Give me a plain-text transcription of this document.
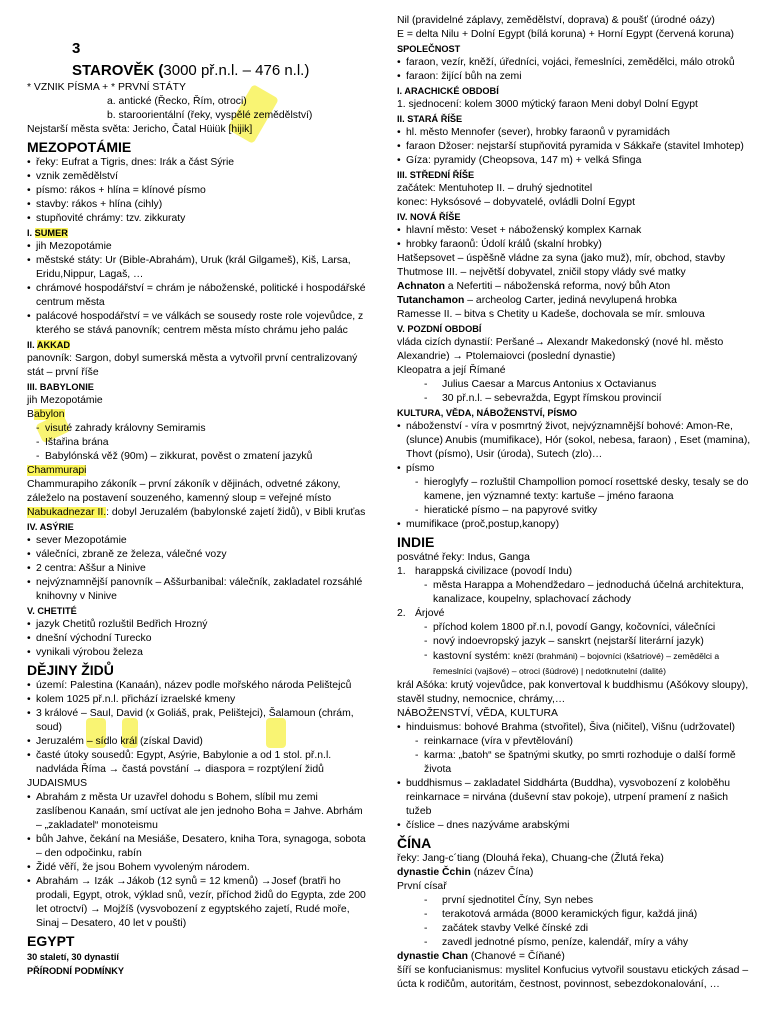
3
STAROVĚK (3000 př.n.l. – 476 n.l.)
* VZNIK PÍSMA + * PRVNÍ STÁTY
a. antické (Řecko, Řím, otroci)
b. staroorientální (řeky, vyspělé zemědělství)
Nejstarší města světa: Jericho, Čatal Hüiük [hijik]
MEZOPOTÁMIE
• řeky: Eufrat a Tigris, dnes: Irák a část Sýrie
• vznik zemědělství
• písmo: rákos + hlína = klínové písmo
• stavby: rákos + hlína (cihly)
• stupňovité chrámy: tzv. zikkuraty
I. SUMER
• jih Mezopotámie
• městské státy: Ur (Bible-Abrahám), Uruk (král Gilgameš), Kiš, Larsa, Eridu,Nippur, Lagaš, …
• chrámové hospodářství = chrám je náboženské, politické i hospodářské centrum města
• palácové hospodářství = ve válkách se sousedy roste role vojevůdce, z kterého se stává panovník; centrem města místo chrámu jeho palác
II. AKKAD
panovník: Sargon, dobyl sumerská města a vytvořil první centralizovaný stát – první říše
III. BABYLONIE
jih Mezopotámie
Babylon
- visuté zahrady královny Semiramis
- Ištařina brána
- Babylónská věž (90m) – zikkurat, pověst o zmatení jazyků
Chammurapi
Chammurapiho zákoník – první zákoník v dějinách, odvetné zákony, záleželo na postavení souzeného, kamenný sloup = veřejné místo
Nabukadnezar II.: dobyl Jeruzalém (babylonské zajetí židů), v Bibli kruťas
IV. ASÝRIE
• sever Mezopotámie
• válečníci, zbraně ze železa, válečné vozy
• 2 centra: Aššur a Ninive
• nejvýznamnější panovník – Aššurbanibal: válečník, zakladatel rozsáhlé knihovny v Ninive
V. CHETITÉ
• jazyk Chetitů rozluštil Bedřich Hrozný
• dnešní východní Turecko
• vynikali výrobou železa
DĚJINY ŽIDŮ
• území: Palestina (Kanaán), název podle mořského národa Pelištejců
• kolem 1025 př.n.l. přichází izraelské kmeny
• 3 králové – Saul, David (x Goliáš, prak, Pelištejci), Šalamoun (chrám, soud)
• Jeruzalém – sídlo král (získal David)
• časté útoky sousedů: Egypt, Asýrie, Babylonie a od 1 stol. př.n.l. nadvláda Říma → častá povstání → diaspora = rozptýlení židů
JUDAISMUS
• Abrahám z města Ur uzavřel dohodu s Bohem, slíbil mu zemi zaslíbenou Kanaán, smí uctívat ale jen jednoho Boha = Jahve. Abrhám – „zakladatel“ monoteismu
• bůh Jahve, čekání na Mesiáše, Desatero, kniha Tora, synagoga, sobota – den odpočinku, rabín
• Židé věří, že jsou Bohem vyvoleným národem.
• Abrahám → Izák →Jákob (12 synů = 12 kmenů) →Josef (bratři ho prodali, Egypt, otrok, výklad snů, vezír, příchod židů do Egypta, zde 200 let otroctví) → Mojžíš (vysvobození z egyptského zajetí, Rudé moře, Sinaj – Desatero, 40 let v poušti)
EGYPT
30 staletí, 30 dynastií
PŘÍRODNÍ PODMÍNKY
Nil (pravidelné záplavy, zemědělství, doprava) & poušť (úrodné oázy)
E = delta Nilu + Dolní Egypt (bílá koruna) + Horní Egypt (červená koruna)
SPOLEČNOST
• faraon, vezír, kněží, úředníci, vojáci, řemeslníci, zemědělci, málo otroků
• faraon: žijící bůh na zemi
I. ARACHICKÉ OBDOBÍ
1. sjednocení: kolem 3000 mýtický faraon Meni dobyl Dolní Egypt
II. STARÁ ŘÍŠE
• hl. město Mennofer (sever), hrobky faraonů v pyramidách
• faraon Džoser: nejstarší stupňovitá pyramida v Sákkaře (stavitel Imhotep)
• Gíza: pyramidy (Cheopsova, 147 m) + velká Sfinga
III. STŘEDNÍ ŘÍŠE
začátek: Mentuhotep II. – druhý sjednotitel
konec: Hyksósové – dobyvatelé, ovládli Dolní Egypt
IV. NOVÁ ŘÍŠE
• hlavní město: Veset + náboženský komplex Karnak
• hrobky faraonů: Údolí králů (skalní hrobky)
Hatšepsovet – úspěšně vládne za syna (jako muž), mír, obchod, stavby
Thutmose III. – největší dobyvatel, zničil stopy vlády své matky
Achnaton a Nefertiti – náboženská reforma, nový bůh Aton
Tutanchamon – archeolog Carter, jediná nevylupená hrobka
Ramesse II. – bitva s Chetity u Kadeše, dochovala se mír. smlouva
V. POZDNÍ OBDOBÍ
vláda cizích dynastií: Peršané→ Alexandr Makedonský (nové hl. město Alexandrie) → Ptolemaiovci (poslední dynastie)
Kleopatra a její Římané
- Julius Caesar a Marcus Antonius x Octavianus
- 30 př.n.l. – sebevražda, Egypt římskou provincií
KULTURA, VĚDA, NÁBOŽENSTVÍ, PÍSMO
• náboženství - víra v posmrtný život, nejvýznamnější bohové: Amon-Re, (slunce) Anubis (mumifikace), Hór (sokol, nebesa, faraon) , Eset (mamina), Thovt (písmo), Usir (úroda), Sutech (zlo)…
• písmo
- hieroglyfy – rozluštil Champollion pomocí rosettské desky, tesaly se do kamene, jen významné texty: kartuše – jméno faraona
- hieratické písmo – na papyrové svitky
• mumifikace (proč,postup,kanopy)
INDIE
posvátné řeky: Indus, Ganga
1. harappská civilizace (povodí Indu)
- města Harappa a Mohendžedaro – jednoduchá účelná architektura, kanalizace, koupelny, splachovací záchody
2. Árjové
- příchod kolem 1800 př.n.l, povodí Gangy, kočovníci, válečníci
- nový indoevropský jazyk – sanskrt (nejstarší literární jazyk)
- kastovní systém: kněží (brahmáni) – bojovníci (kšatriové) – zemědělci a řemeslníci (vajšové) – otroci (šúdrové) | nedotknutelní (dalité)
král Ašóka: krutý vojevůdce, pak konvertoval k buddhismu (Ašókovy sloupy), stavěl studny, nemocnice, chrámy,…
NÁBOŽENSTVÍ, VĚDA, KULTURA
• hinduismus: bohové Brahma (stvořitel), Šiva (ničitel), Višnu (udržovatel)
- reinkarnace (víra v převtělování)
- karma: „batoh“ se špatnými skutky, po smrti rozhoduje o další formě života
• buddhismus – zakladatel Siddhárta (Buddha), vysvobození z koloběhu reinkarnace = nirvána (duševní stav pokoje), utrpení pramení z našich tužeb
• číslice – dnes nazýváme arabskými
ČÍNA
řeky: Jang-c´tiang (Dlouhá řeka), Chuang-che (Žlutá řeka)
dynastie Čchin (název Čína)
První císař
- první sjednotitel Číny, Syn nebes
- terakotová armáda (8000 keramických figur, každá jiná)
- začátek stavby Velké čínské zdi
- zavedl jednotné písmo, peníze, kalendář, míry a váhy
dynastie Chan (Chanové = Číňané)
šíří se konfucianismus: myslitel Konfucius vytvořil soustavu etických zásad – úcta k rodičům, autoritám, čestnost, povinnost, sebezdokonalování, …
